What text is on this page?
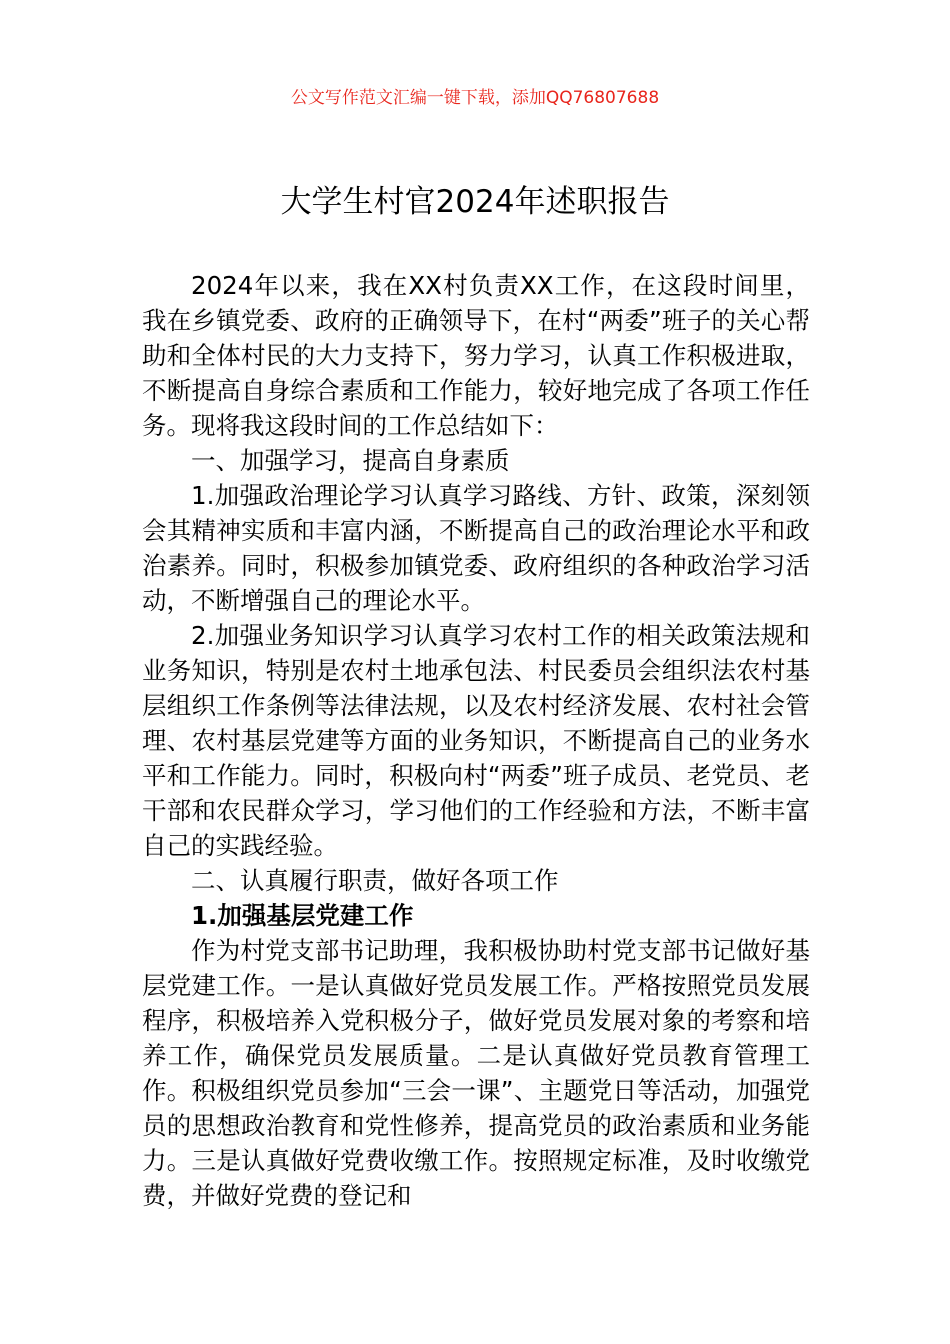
公文写作范文汇编一键下载，添加QQ76807688
大学生村官2024年述职报告

2024年以来，我在XX村负责XX工作，在这段时间里，我在乡镇党委、政府的正确领导下，在村“两委”班子的关心帮助和全体村民的大力支持下，努力学习，认真工作积极进取，不断提高自身综合素质和工作能力，较好地完成了各项工作任务。现将我这段时间的工作总结如下：

一、加强学习，提高自身素质

1.加强政治理论学习认真学习路线、方针、政策，深刻领会其精神实质和丰富内涵，不断提高自己的政治理论水平和政治素养。同时，积极参加镇党委、政府组织的各种政治学习活动，不断增强自己的理论水平。

2.加强业务知识学习认真学习农村工作的相关政策法规和业务知识，特别是农村土地承包法、村民委员会组织法农村基层组织工作条例等法律法规，以及农村经济发展、农村社会管理、农村基层党建等方面的业务知识，不断提高自己的业务水平和工作能力。同时，积极向村“两委”班子成员、老党员、老干部和农民群众学习，学习他们的工作经验和方法，不断丰富自己的实践经验。

二、认真履行职责，做好各项工作

1.加强基层党建工作

作为村党支部书记助理，我积极协助村党支部书记做好基层党建工作。一是认真做好党员发展工作。严格按照党员发展程序，积极培养入党积极分子，做好党员发展对象的考察和培养工作，确保党员发展质量。二是认真做好党员教育管理工作。积极组织党员参加“三会一课”、主题党日等活动，加强党员的思想政治教育和党性修养，提高党员的政治素质和业务能力。三是认真做好党费收缴工作。按照规定标准，及时收缴党费，并做好党费的登记和
